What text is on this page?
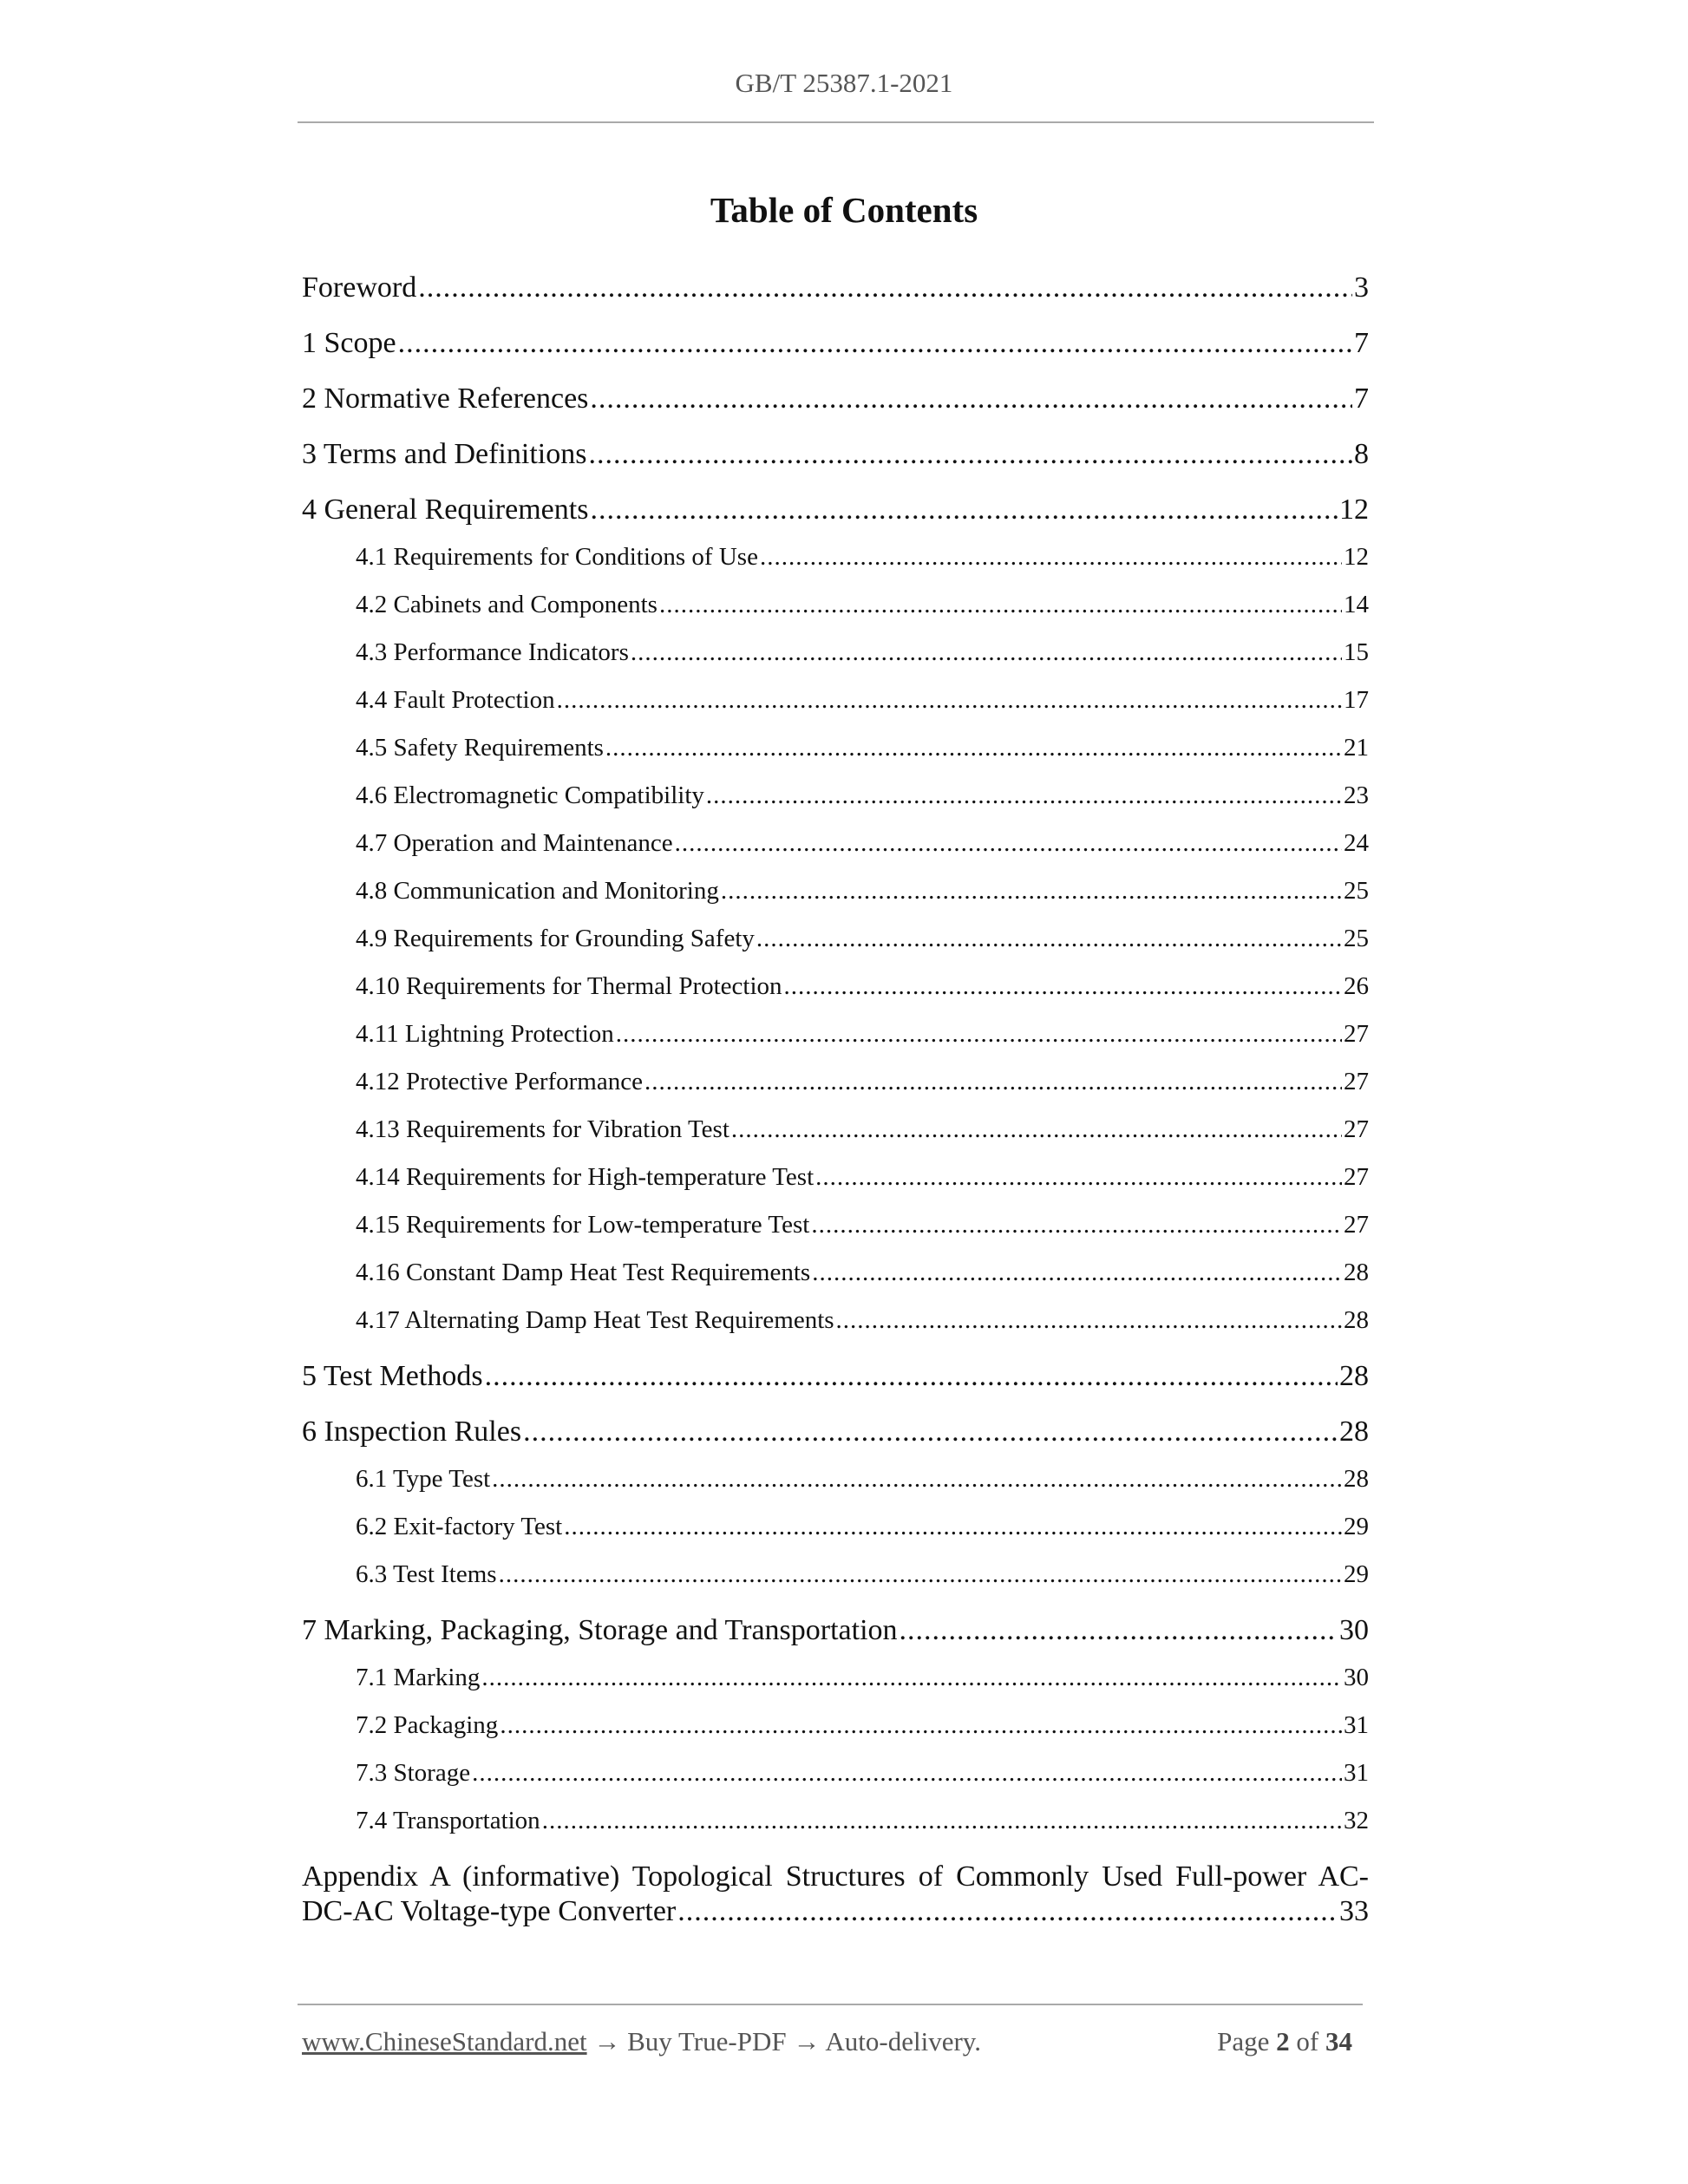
GB/T 25387.1-2021
Table of Contents
Foreword .....	3
1 Scope .....	7
2 Normative References .....	7
3 Terms and Definitions .....	8
4 General Requirements .....	12
4.1 Requirements for Conditions of Use .....	12
4.2 Cabinets and Components .....	14
4.3 Performance Indicators .....	15
4.4 Fault Protection .....	17
4.5 Safety Requirements .....	21
4.6 Electromagnetic Compatibility .....	23
4.7 Operation and Maintenance .....	24
4.8 Communication and Monitoring .....	25
4.9 Requirements for Grounding Safety .....	25
4.10 Requirements for Thermal Protection .....	26
4.11 Lightning Protection .....	27
4.12 Protective Performance .....	27
4.13 Requirements for Vibration Test .....	27
4.14 Requirements for High-temperature Test .....	27
4.15 Requirements for Low-temperature Test .....	27
4.16 Constant Damp Heat Test Requirements .....	28
4.17 Alternating Damp Heat Test Requirements .....	28
5 Test Methods .....	28
6 Inspection Rules .....	28
6.1 Type Test .....	28
6.2 Exit-factory Test .....	29
6.3 Test Items .....	29
7 Marking, Packaging, Storage and Transportation .....	30
7.1 Marking .....	30
7.2 Packaging .....	31
7.3 Storage .....	31
7.4 Transportation .....	32
Appendix A (informative) Topological Structures of Commonly Used Full-power AC-
DC-AC Voltage-type Converter .....	33
www.ChineseStandard.net → Buy True-PDF → Auto-delivery.	Page 2 of 34
